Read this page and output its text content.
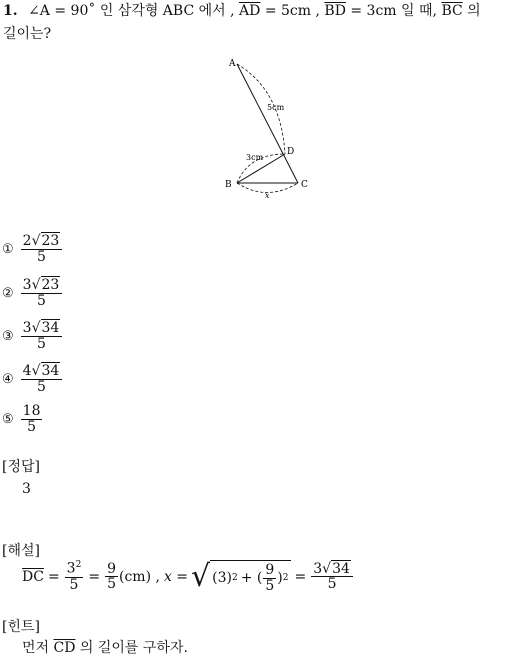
1. ∠A = 90˚ 인 삼각형 ABC 에서 , $\overline{AD} = 5cm$ , $\overline{BD} = 3cm$ 일 때, $\overline{BC}$ 의
길이는?
A
D
B	C
5cm
3cm
x
① $\frac{2√23}{5}$
② $\frac{3√23}{5}$
③ $\frac{3√34}{5}$
④ $\frac{4√34}{5}$
⑤ $\frac{18}{5}$
[정답]
3
[해설]
$\overline{DC} = \frac{3^2}{5} = \frac{9}{5} (cm)$ , x = √ (3) 2 + ( $\frac{9}{5}$ ) $2 = \frac{3√34}{5}$
[힌트]
먼저 $\overline{CD}$ 의 길이를 구하자.
